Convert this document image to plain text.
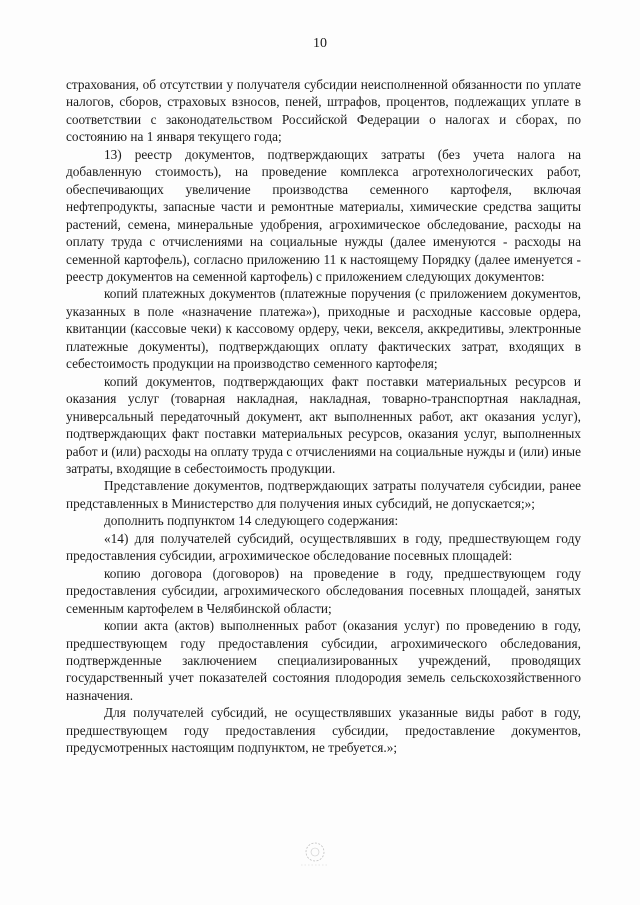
10

страхования, об отсутствии у получателя субсидии неисполненной обязанности по уплате налогов, сборов, страховых взносов, пеней, штрафов, процентов, подлежащих уплате в соответствии с законодательством Российской Федерации о налогах и сборах, по состоянию на 1 января текущего года;

13) реестр документов, подтверждающих затраты (без учета налога на добавленную стоимость), на проведение комплекса агротехнологических работ, обеспечивающих увеличение производства семенного картофеля, включая нефтепродукты, запасные части и ремонтные материалы, химические средства защиты растений, семена, минеральные удобрения, агрохимическое обследование, расходы на оплату труда с отчислениями на социальные нужды (далее именуются - расходы на семенной картофель), согласно приложению 11 к настоящему Порядку (далее именуется - реестр документов на семенной картофель) с приложением следующих документов:

копий платежных документов (платежные поручения (с приложением документов, указанных в поле «назначение платежа»), приходные и расходные кассовые ордера, квитанции (кассовые чеки) к кассовому ордеру, чеки, векселя, аккредитивы, электронные платежные документы), подтверждающих оплату фактических затрат, входящих в себестоимость продукции на производство семенного картофеля;

копий документов, подтверждающих факт поставки материальных ресурсов и оказания услуг (товарная накладная, накладная, товарно-транспортная накладная, универсальный передаточный документ, акт выполненных работ, акт оказания услуг), подтверждающих факт поставки материальных ресурсов, оказания услуг, выполненных работ и (или) расходы на оплату труда с отчислениями на социальные нужды и (или) иные затраты, входящие в себестоимость продукции.

Представление документов, подтверждающих затраты получателя субсидии, ранее представленных в Министерство для получения иных субсидий, не допускается;»;

дополнить подпунктом 14 следующего содержания:

«14) для получателей субсидий, осуществлявших в году, предшествующем году предоставления субсидии, агрохимическое обследование посевных площадей:

копию договора (договоров) на проведение в году, предшествующем году предоставления субсидии, агрохимического обследования посевных площадей, занятых семенным картофелем в Челябинской области;

копии акта (актов) выполненных работ (оказания услуг) по проведению в году, предшествующем году предоставления субсидии, агрохимического обследования, подтвержденные заключением специализированных учреждений, проводящих государственный учет показателей состояния плодородия земель сельскохозяйственного назначения.

Для получателей субсидий, не осуществлявших указанные виды работ в году, предшествующем году предоставления субсидии, предоставление документов, предусмотренных настоящим подпунктом, не требуется.»;
